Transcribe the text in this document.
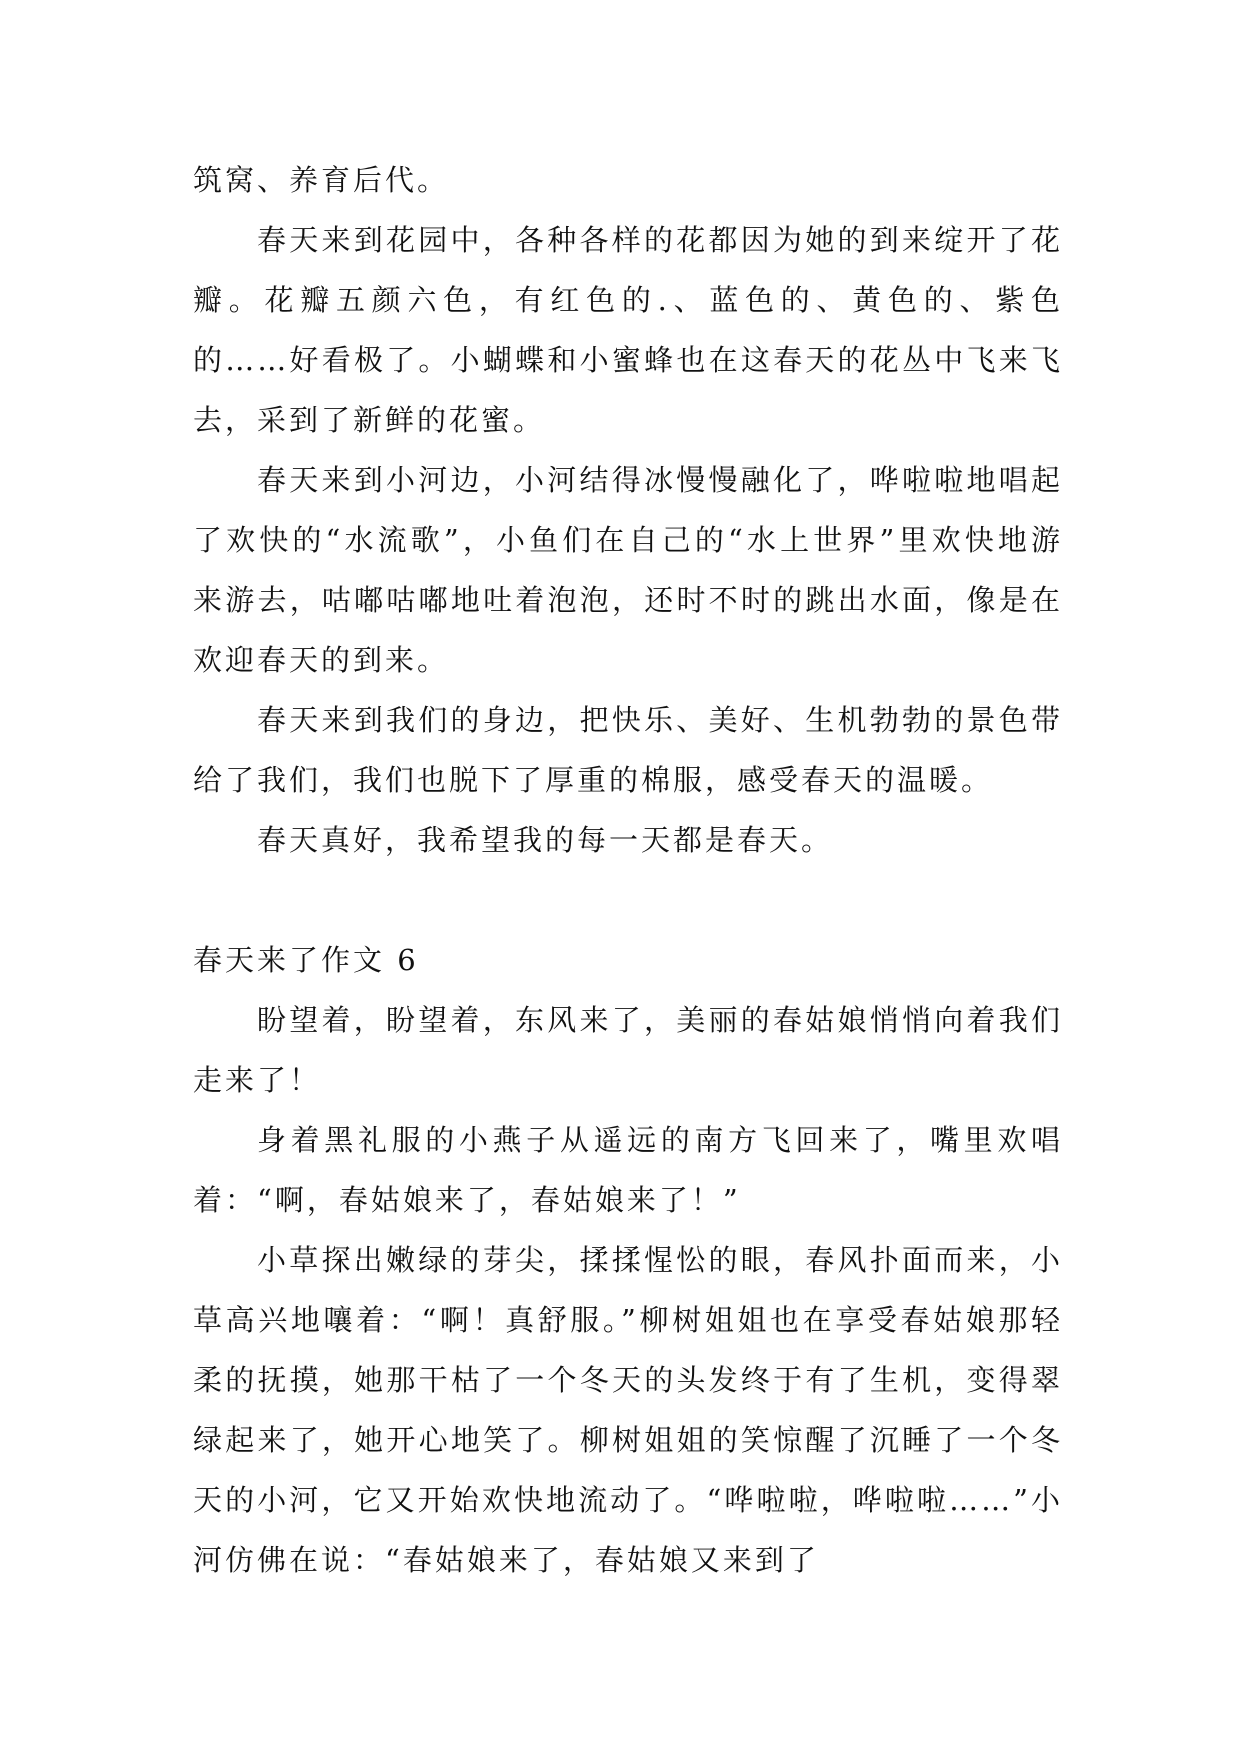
筑窝、养育后代。

春天来到花园中，各种各样的花都因为她的到来绽开了花瓣。花瓣五颜六色，有红色的.、蓝色的、黄色的、紫色的……好看极了。小蝴蝶和小蜜蜂也在这春天的花丛中飞来飞去，采到了新鲜的花蜜。

春天来到小河边，小河结得冰慢慢融化了，哗啦啦地唱起了欢快的“水流歌”，小鱼们在自己的“水上世界”里欢快地游来游去，咕嘟咕嘟地吐着泡泡，还时不时的跳出水面，像是在欢迎春天的到来。

春天来到我们的身边，把快乐、美好、生机勃勃的景色带给了我们，我们也脱下了厚重的棉服，感受春天的温暖。

春天真好，我希望我的每一天都是春天。

春天来了作文 6

盼望着，盼望着，东风来了，美丽的春姑娘悄悄向着我们走来了！

身着黑礼服的小燕子从遥远的南方飞回来了，嘴里欢唱着：“啊，春姑娘来了，春姑娘来了！”

小草探出嫩绿的芽尖，揉揉惺忪的眼，春风扑面而来，小草高兴地嚷着：“啊！真舒服。”柳树姐姐也在享受春姑娘那轻柔的抚摸，她那干枯了一个冬天的头发终于有了生机，变得翠绿起来了，她开心地笑了。柳树姐姐的笑惊醒了沉睡了一个冬天的小河，它又开始欢快地流动了。“哗啦啦，哗啦啦……”小河仿佛在说：“春姑娘来了，春姑娘又来到了
